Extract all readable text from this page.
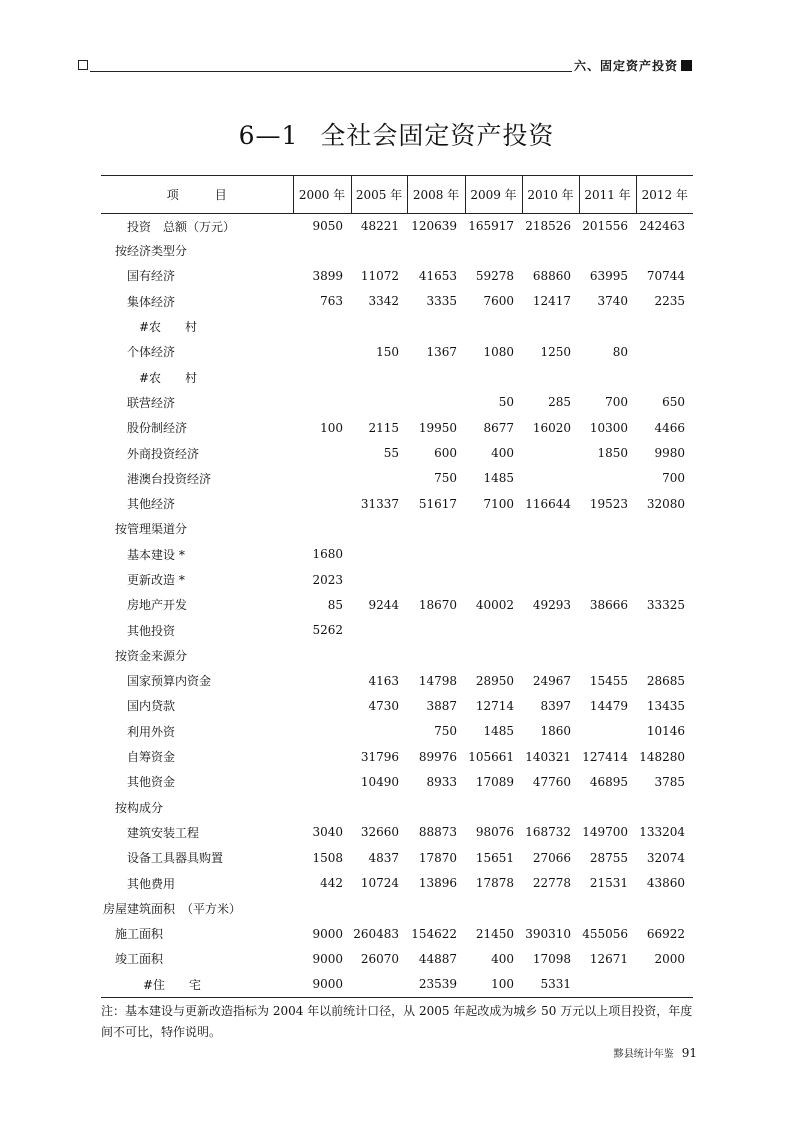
六、固定资产投资
6—1 全社会固定资产投资
项　　　目	2000 年	2005 年	2008 年	2009 年	2010 年	2011 年	2012 年
投资　总额（万元）	9050	48221	120639	165917	218526	201556	242463
按经济类型分							
国有经济	3899	11072	41653	59278	68860	63995	70744
集体经济	763	3342	3335	7600	12417	3740	2235
#农　　村							
个体经济		150	1367	1080	1250	80	
#农　　村							
联营经济				50	285	700	650
股份制经济	100	2115	19950	8677	16020	10300	4466
外商投资经济		55	600	400		1850	9980
港澳台投资经济			750	1485			700
其他经济		31337	51617	7100	116644	19523	32080
按管理渠道分							
基本建设 *	1680						
更新改造 *	2023						
房地产开发	85	9244	18670	40002	49293	38666	33325
其他投资	5262						
按资金来源分							
国家预算内资金		4163	14798	28950	24967	15455	28685
国内贷款		4730	3887	12714	8397	14479	13435
利用外资			750	1485	1860		10146
自筹资金		31796	89976	105661	140321	127414	148280
其他资金		10490	8933	17089	47760	46895	3785
按构成分							
建筑安装工程	3040	32660	88873	98076	168732	149700	133204
设备工具器具购置	1508	4837	17870	15651	27066	28755	32074
其他费用	442	10724	13896	17878	22778	21531	43860
房屋建筑面积　（平方米）							
施工面积	9000	260483	154622	21450	390310	455056	66922
竣工面积	9000	26070	44887	400	17098	12671	2000
#住　　宅	9000		23539	100	5331		
注：基本建设与更新改造指标为 2004 年以前统计口径，从 2005 年起改成为城乡 50 万元以上项目投资，年度间不可比，特作说明。
黟县统计年鉴 91
